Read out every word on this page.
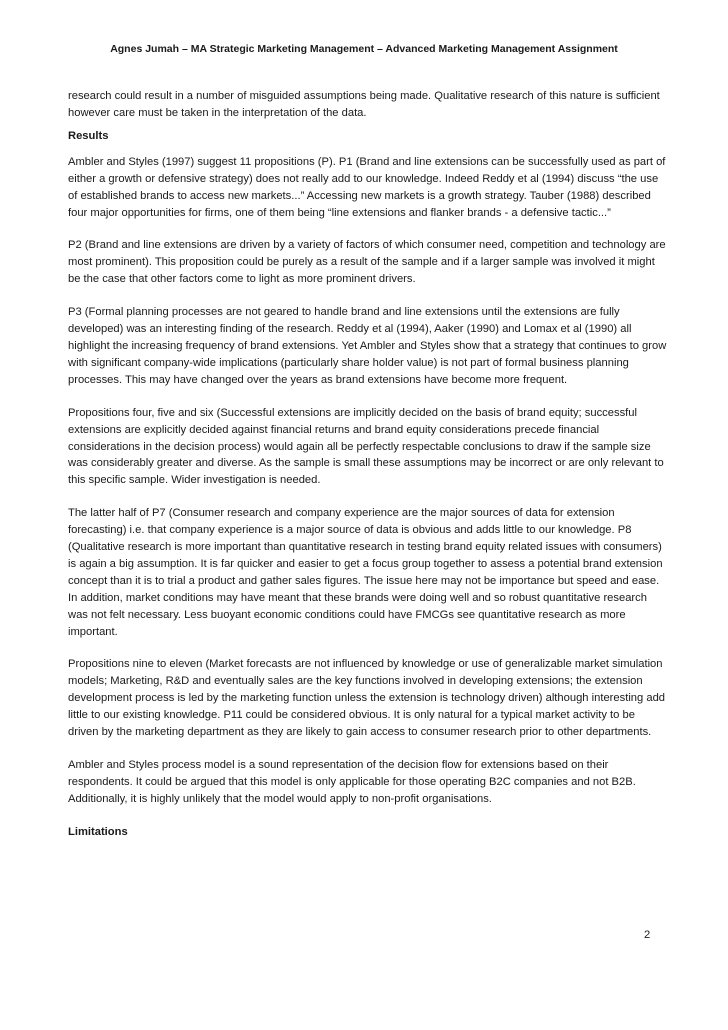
Agnes Jumah – MA Strategic Marketing Management – Advanced Marketing Management Assignment

research could result in a number of misguided assumptions being made. Qualitative research of this nature is sufficient however care must be taken in the interpretation of the data.

Results

Ambler and Styles (1997) suggest 11 propositions (P). P1 (Brand and line extensions can be successfully used as part of either a growth or defensive strategy) does not really add to our knowledge. Indeed Reddy et al (1994) discuss “the use of established brands to access new markets...” Accessing new markets is a growth strategy. Tauber (1988) described four major opportunities for firms, one of them being “line extensions and flanker brands - a defensive tactic...”

P2 (Brand and line extensions are driven by a variety of factors of which consumer need, competition and technology are most prominent). This proposition could be purely as a result of the sample and if a larger sample was involved it might be the case that other factors come to light as more prominent drivers.

P3 (Formal planning processes are not geared to handle brand and line extensions until the extensions are fully developed) was an interesting finding of the research. Reddy et al (1994), Aaker (1990) and Lomax et al (1990) all highlight the increasing frequency of brand extensions. Yet Ambler and Styles show that a strategy that continues to grow with significant company-wide implications (particularly share holder value) is not part of formal business planning processes. This may have changed over the years as brand extensions have become more frequent.

Propositions four, five and six (Successful extensions are implicitly decided on the basis of brand equity; successful extensions are explicitly decided against financial returns and brand equity considerations precede financial considerations in the decision process) would again all be perfectly respectable conclusions to draw if the sample size was considerably greater and diverse. As the sample is small these assumptions may be incorrect or are only relevant to this specific sample. Wider investigation is needed.

The latter half of P7 (Consumer research and company experience are the major sources of data for extension forecasting) i.e. that company experience is a major source of data is obvious and adds little to our knowledge. P8 (Qualitative research is more important than quantitative research in testing brand equity related issues with consumers) is again a big assumption. It is far quicker and easier to get a focus group together to assess a potential brand extension concept than it is to trial a product and gather sales figures. The issue here may not be importance but speed and ease. In addition, market conditions may have meant that these brands were doing well and so robust quantitative research was not felt necessary. Less buoyant economic conditions could have FMCGs see quantitative research as more important.

Propositions nine to eleven (Market forecasts are not influenced by knowledge or use of generalizable market simulation models; Marketing, R&D and eventually sales are the key functions involved in developing extensions; the extension development process is led by the marketing function unless the extension is technology driven) although interesting add little to our existing knowledge. P11 could be considered obvious. It is only natural for a typical market activity to be driven by the marketing department as they are likely to gain access to consumer research prior to other departments.

Ambler and Styles process model is a sound representation of the decision flow for extensions based on their respondents. It could be argued that this model is only applicable for those operating B2C companies and not B2B. Additionally, it is highly unlikely that the model would apply to non-profit organisations.

Limitations
2
